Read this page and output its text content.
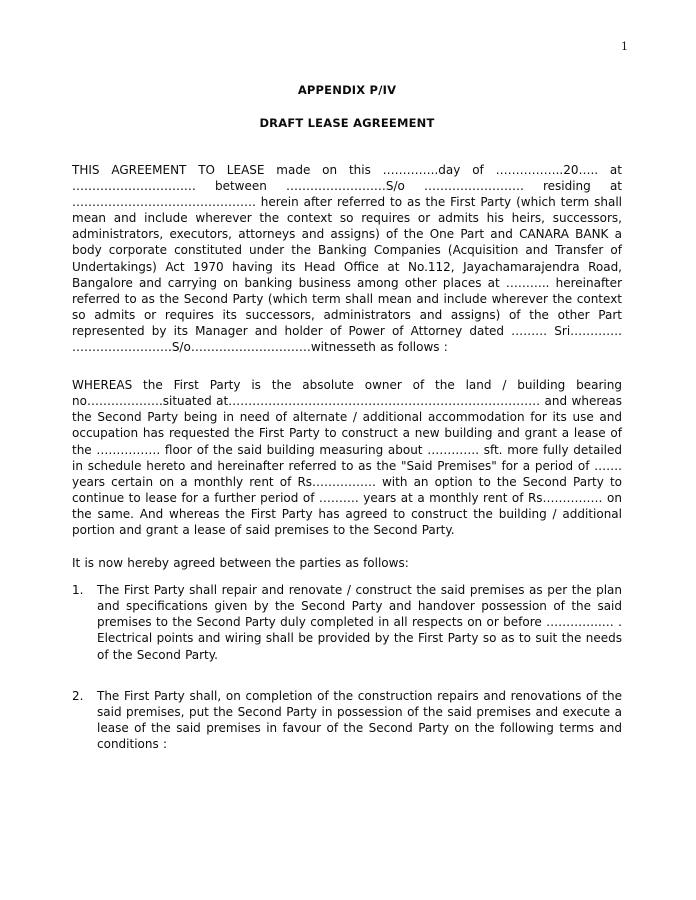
1
APPENDIX P/IV
DRAFT LEASE AGREEMENT

THIS AGREEMENT TO LEASE made on this …………..day of ……………..20….. at ……………………….… between ………………….…S/o ……………………. residing at ………………………………………. herein after referred to as the First Party (which term shall mean and include wherever the context so requires or admits his heirs, successors, administrators, executors, attorneys and assigns) of the One Part and CANARA BANK a body corporate constituted under the Banking Companies (Acquisition and Transfer of Undertakings) Act 1970 having its Head Office at No.112, Jayachamarajendra Road, Bangalore and carrying on banking business among other places at ……….. hereinafter referred to as the Second Party (which term shall mean and include wherever the context so admits or requires its successors, administrators and assigns) of the other Part represented by its Manager and holder of Power of Attorney dated ……… Sri…………. …………………….S/o…………………………witnesseth as follows :

WHEREAS the First Party is the absolute owner of the land / building bearing no……………….situated at…………………………………………………………………… and whereas the Second Party being in need of alternate / additional accommodation for its use and occupation has requested the First Party to construct a new building and grant a lease of the ……………. floor of the said building measuring about …………. sft. more fully detailed in schedule hereto and hereinafter referred to as the "Said Premises" for a period of ……. years certain on a monthly rent of Rs……………. with an option to the Second Party to continue to lease for a further period of ………. years at a monthly rent of Rs…………… on the same. And whereas the First Party has agreed to construct the building / additional portion and grant a lease of said premises to the Second Party.

It is now hereby agreed between the parties as follows:

1.	The First Party shall repair and renovate / construct the said premises as per the plan and specifications given by the Second Party and handover possession of the said premises to the Second Party duly completed in all respects on or before …………..… . Electrical points and wiring shall be provided by the First Party so as to suit the needs of the Second Party.
2.	The First Party shall, on completion of the construction repairs and renovations of the said premises, put the Second Party in possession of the said premises and execute a lease of the said premises in favour of the Second Party on the following terms and conditions :
